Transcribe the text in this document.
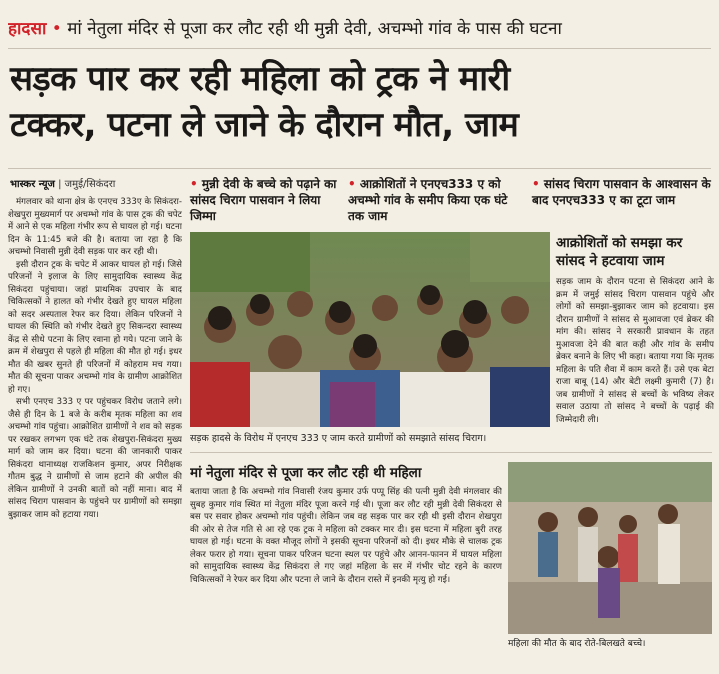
हादसा • मां नेतुला मंदिर से पूजा कर लौट रही थी मुन्नी देवी, अचम्भो गांव के पास की घटना
सड़क पार कर रही महिला को ट्रक ने मारी
टक्कर, पटना ले जाने के दौरान मौत, जाम
भास्कर न्यूज | जमुई/सिकंदरा

मंगलवार को थाना क्षेत्र के एनएच 333ए के सिकंदरा-शेखपुरा मुख्यमार्ग पर अचम्भो गांव के पास ट्रक की चपेट में आने से एक महिला गंभीर रूप से घायल हो गई। घटना दिन के 11:45 बजे की है। बताया जा रहा है कि अचम्भो निवासी मुन्नी देवी सड़क पार कर रही थी।

इसी दौरान ट्रक के चपेट में आकर घायल हो गई। जिसे परिजनों ने इलाज के लिए सामुदायिक स्वास्थ्य केंद्र सिकंदरा पहुंचाया। जहां प्राथमिक उपचार के बाद चिकित्सकों ने हालत को गंभीर देखते हुए घायल महिला को सदर अस्पताल रेफर कर दिया। लेकिन परिजनों ने घायल की स्थिति को गंभीर देखते हुए सिकन्दरा स्वास्थ्य केंद्र से सीधे पटना के लिए रवाना हो गये। पटना जाने के क्रम में शेखपुरा से पहले ही महिला की मौत हो गई। इधर मौत की खबर सुनते ही परिजनों में कोहराम मच गया। मौत की सूचना पाकर अचम्भो गांव के ग्रामीण आक्रोशित हो गए।

सभी एनएच 333 ए पर पहुंचकर विरोध जताने लगे। जैसे ही दिन के 1 बजे के करीब मृतक महिला का शव अचम्भो गांव पहुंचा। आक्रोशित ग्रामीणों ने शव को सड़क पर रखकर लगभग एक घंटे तक शेखपुरा-सिकंदरा मुख्य मार्ग को जाम कर दिया। घटना की जानकारी पाकर सिकंदरा थानाध्यक्ष राजकिशन कुमार, अपर निरीक्षक गौतम बुद्ध ने ग्रामीणों से जाम हटाने की अपील की लेकिन ग्रामीणों ने उनकी बातों को नहीं माना। बाद में सांसद चिराग पासवान के पहुंचने पर ग्रामीणों को समझा बुझाकर जाम को हटाया गया।

• मुन्नी देवी के बच्चे को पढ़ाने का सांसद चिराग पासवान ने लिया जिम्मा
• आक्रोशितों ने एनएच333 ए को अचम्भो गांव के समीप किया एक घंटे तक जाम
• सांसद चिराग पासवान के आश्वासन के बाद एनएच333 ए का टूटा जाम
सड़क हादसे के विरोध में एनएच 333 ए जाम करते ग्रामीणों को समझाते सांसद चिराग।
आक्रोशितों को समझा कर सांसद ने हटवाया जाम
सड़क जाम के दौरान पटना से सिकंदरा आने के क्रम में जमुई सांसद चिराग पासवान पहुंचे और लोगों को समझा-बुझाकर जाम को हटवाया। इस दौरान ग्रामीणों ने सांसद से मुआवजा एवं ब्रेकर की मांग की। सांसद ने सरकारी प्रावधान के तहत मुआवजा देने की बात कही और गांव के समीप ब्रेकर बनाने के लिए भी कहा। बताया गया कि मृतक महिला के पति शैवा में काम करते हैं। उसे एक बेटा राजा बाबू (14) और बेटी लक्ष्मी कुमारी (7) है। जब ग्रामीणों ने सांसद से बच्चों के भविष्य लेकर सवाल उठाया तो सांसद ने बच्चों के पढ़ाई की जिम्मेदारी ली।
मां नेतुला मंदिर से पूजा कर लौट रही थी महिला
बताया जाता है कि अचम्भो गांव निवासी रंजय कुमार उर्फ पप्पू सिंह की पत्नी मुन्नी देवी मंगलवार की सुबह कुमार गांव स्थित मां नेतुला मंदिर पूजा करने गई थी। पूजा कर लौट रही मुन्नी देवी सिकंदरा से बस पर सवार होकर अचम्भो गांव पहुंची। लेकिन जब वह सड़क पार कर रही थी इसी दौरान शेखपुरा की ओर से तेज गति से आ रहे एक ट्रक ने महिला को टक्कर मार दी। इस घटना में महिला बुरी तरह घायल हो गई। घटना के वक्त मौजूद लोगों ने इसकी सूचना परिजनों को दी। इधर मौके से चालक ट्रक लेकर फरार हो गया। सूचना पाकर परिजन घटना स्थल पर पहुंचे और आनन-फानन में घायल महिला को सामुदायिक स्वास्थ्य केंद्र सिकंदरा ले गए जहां महिला के सर में गंभीर चोट रहने के कारण चिकित्सकों ने रेफर कर दिया और पटना ले जाने के दौरान रास्ते में इनकी मृत्यु हो गई।
महिला की मौत के बाद रोते-बिलखते बच्चे।
